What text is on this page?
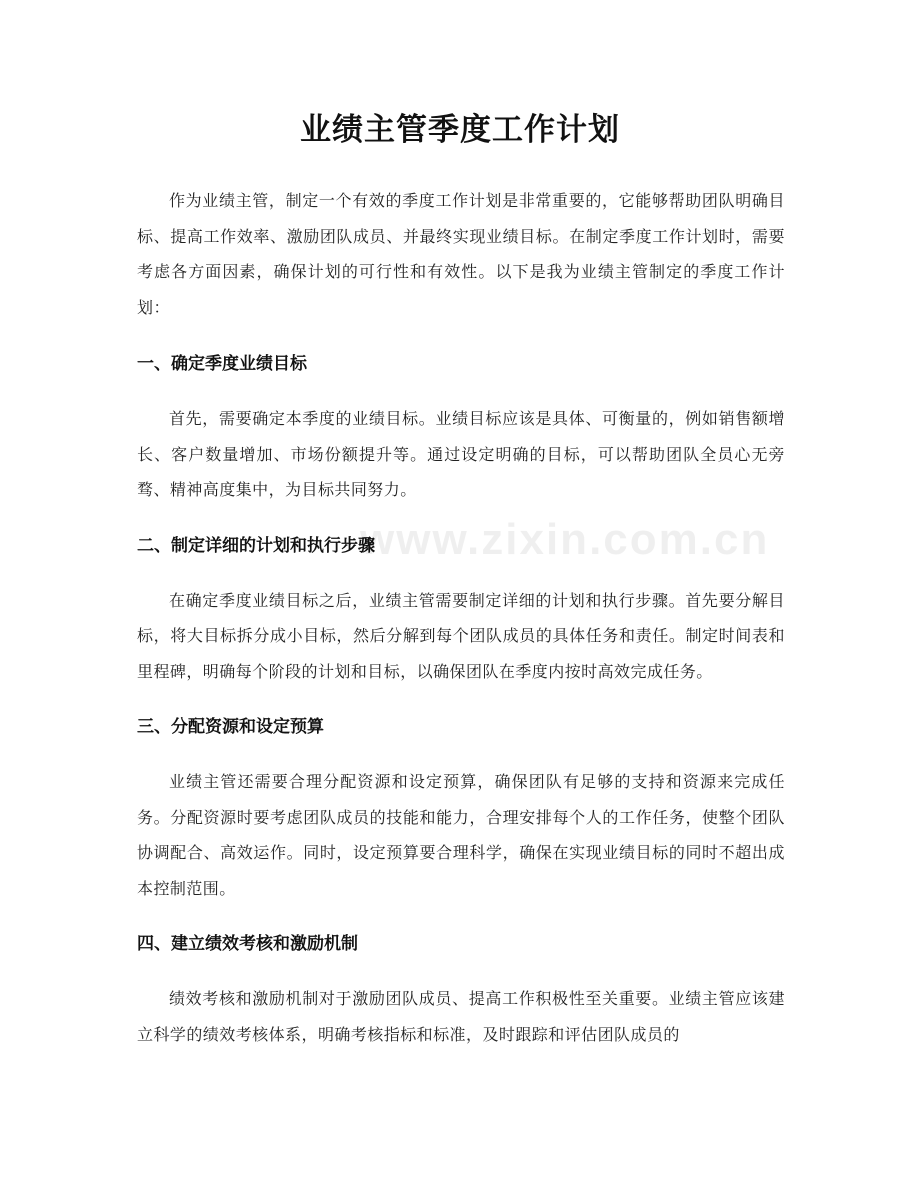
业绩主管季度工作计划

作为业绩主管，制定一个有效的季度工作计划是非常重要的，它能够帮助团队明确目标、提高工作效率、激励团队成员、并最终实现业绩目标。在制定季度工作计划时，需要考虑各方面因素，确保计划的可行性和有效性。以下是我为业绩主管制定的季度工作计划：

一、确定季度业绩目标

首先，需要确定本季度的业绩目标。业绩目标应该是具体、可衡量的，例如销售额增长、客户数量增加、市场份额提升等。通过设定明确的目标，可以帮助团队全员心无旁骛、精神高度集中，为目标共同努力。

二、制定详细的计划和执行步骤

在确定季度业绩目标之后，业绩主管需要制定详细的计划和执行步骤。首先要分解目标，将大目标拆分成小目标，然后分解到每个团队成员的具体任务和责任。制定时间表和里程碑，明确每个阶段的计划和目标，以确保团队在季度内按时高效完成任务。

三、分配资源和设定预算

业绩主管还需要合理分配资源和设定预算，确保团队有足够的支持和资源来完成任务。分配资源时要考虑团队成员的技能和能力，合理安排每个人的工作任务，使整个团队协调配合、高效运作。同时，设定预算要合理科学，确保在实现业绩目标的同时不超出成本控制范围。

四、建立绩效考核和激励机制

绩效考核和激励机制对于激励团队成员、提高工作积极性至关重要。业绩主管应该建立科学的绩效考核体系，明确考核指标和标准，及时跟踪和评估团队成员的

www.zixin.com.cn
